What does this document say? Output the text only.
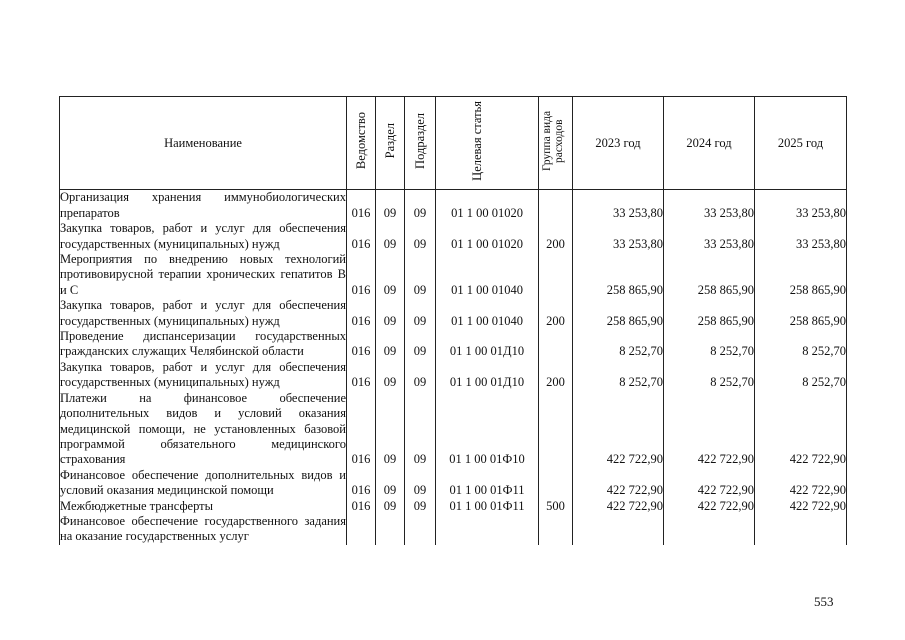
Наименование	Ведомство	Раздел	Подраздел	Целевая статья	Группа вида расходов	2023 год	2024 год	2025 год
Организация хранения иммунобиологических препаратов	016	09	09	01 1 00 01020		33 253,80	33 253,80	33 253,80
Закупка товаров, работ и услуг для обеспечения государственных (муниципальных) нужд	016	09	09	01 1 00 01020	200	33 253,80	33 253,80	33 253,80
Мероприятия по внедрению новых технологий противовирусной терапии хронических гепатитов В и С	016	09	09	01 1 00 01040		258 865,90	258 865,90	258 865,90
Закупка товаров, работ и услуг для обеспечения государственных (муниципальных) нужд	016	09	09	01 1 00 01040	200	258 865,90	258 865,90	258 865,90
Проведение диспансеризации государственных гражданских служащих Челябинской области	016	09	09	01 1 00 01Д10		8 252,70	8 252,70	8 252,70
Закупка товаров, работ и услуг для обеспечения государственных (муниципальных) нужд	016	09	09	01 1 00 01Д10	200	8 252,70	8 252,70	8 252,70
Платежи на финансовое обеспечение дополнительных видов и условий оказания медицинской помощи, не установленных базовой программой обязательного медицинского страхования	016	09	09	01 1 00 01Ф10		422 722,90	422 722,90	422 722,90
Финансовое обеспечение дополнительных видов и условий оказания медицинской помощи	016	09	09	01 1 00 01Ф11		422 722,90	422 722,90	422 722,90
Межбюджетные трансферты	016	09	09	01 1 00 01Ф11	500	422 722,90	422 722,90	422 722,90
Финансовое обеспечение государственного задания на оказание государственных услуг								
553
